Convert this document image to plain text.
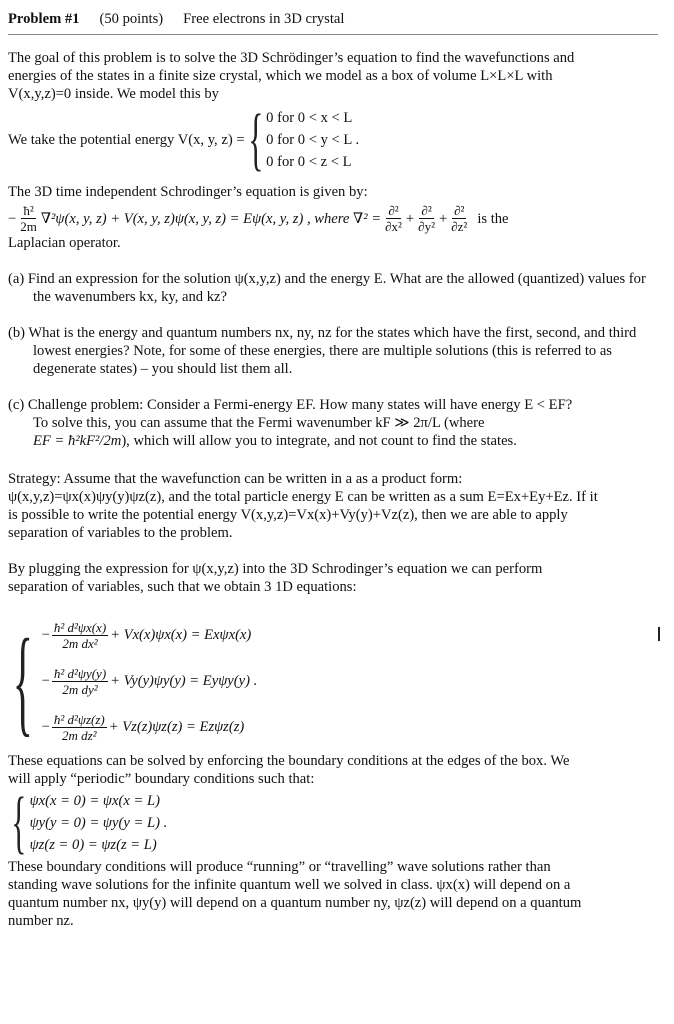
Problem #1 (50 points) Free electrons in 3D crystal

The goal of this problem is to solve the 3D Schrödinger’s equation to find the wavefunctions and

energies of the states in a finite size crystal, which we model as a box of volume L×L×L with

V(x,y,z)=0 inside. We model this by

We take the potential energy V(x, y, z) = { 0 for 0 < x < L
0 for 0 < y < L .
0 for 0 < z < L

The 3D time independent Schrodinger’s equation is given by:

− $\frac{\text{ħ²}}{2m} \nabla^2\psi(x$, y, z) + V(x, y, z)ψ(x, y, z) = Eψ(x, y, z) , where $\nabla^2 = \frac{\text{∂²}}{\text{∂x²}} + \frac{\text{∂²}}{\text{∂y²}} + \frac{\text{∂²}}{\text{∂z²}}$ is the

Laplacian operator.

(a) Find an expression for the solution ψ(x,y,z) and the energy E. What are the allowed (quantized) values for the wavenumbers kx, ky, and kz?

(b) What is the energy and quantum numbers nx, ny, nz for the states which have the first, second, and third lowest energies? Note, for some of these energies, there are multiple solutions (this is referred to as degenerate states) – you should list them all.

(c) Challenge problem: Consider a Fermi-energy EF. How many states will have energy E < EF?

To solve this, you can assume that the Fermi wavenumber kF ≫ 2π/L (where

EF = ħ²kF²/2m), which will allow you to integrate, and not count to find the states.

Strategy: Assume that the wavefunction can be written in a as a product form:

ψ(x,y,z)=ψx(x)ψy(y)ψz(z), and the total particle energy E can be written as a sum E=Ex+Ey+Ez. If it

is possible to write the potential energy V(x,y,z)=Vx(x)+Vy(y)+Vz(z), then we are able to apply

separation of variables to the problem.

By plugging the expression for ψ(x,y,z) into the 3D Schrodinger’s equation we can perform

separation of variables, such that we obtain 3 1D equations:

{ − $\frac{\text{ħ² d²ψx(x)}}{\text{2m dx²}} + Vx(x)\psi x(x) = Ex\psi x(x)$
− $\frac{\text{ħ² d²ψy(y)}}{\text{2m dy²}} + Vy(y)\psi y(y) = Ey\psi y(y)$ .
− $\frac{\text{ħ² d²ψz(z)}}{\text{2m dz²}} + Vz(z)\psi z(z) = Ez\psi z(z)$

These equations can be solved by enforcing the boundary conditions at the edges of the box. We

will apply “periodic” boundary conditions such that:

{ ψx(x = 0) = ψx(x = L)
ψy(y = 0) = ψy(y = L) .
ψz(z = 0) = ψz(z = L)

These boundary conditions will produce “running” or “travelling” wave solutions rather than

standing wave solutions for the infinite quantum well we solved in class. ψx(x) will depend on a

quantum number nx, ψy(y) will depend on a quantum number ny, ψz(z) will depend on a quantum

number nz.
